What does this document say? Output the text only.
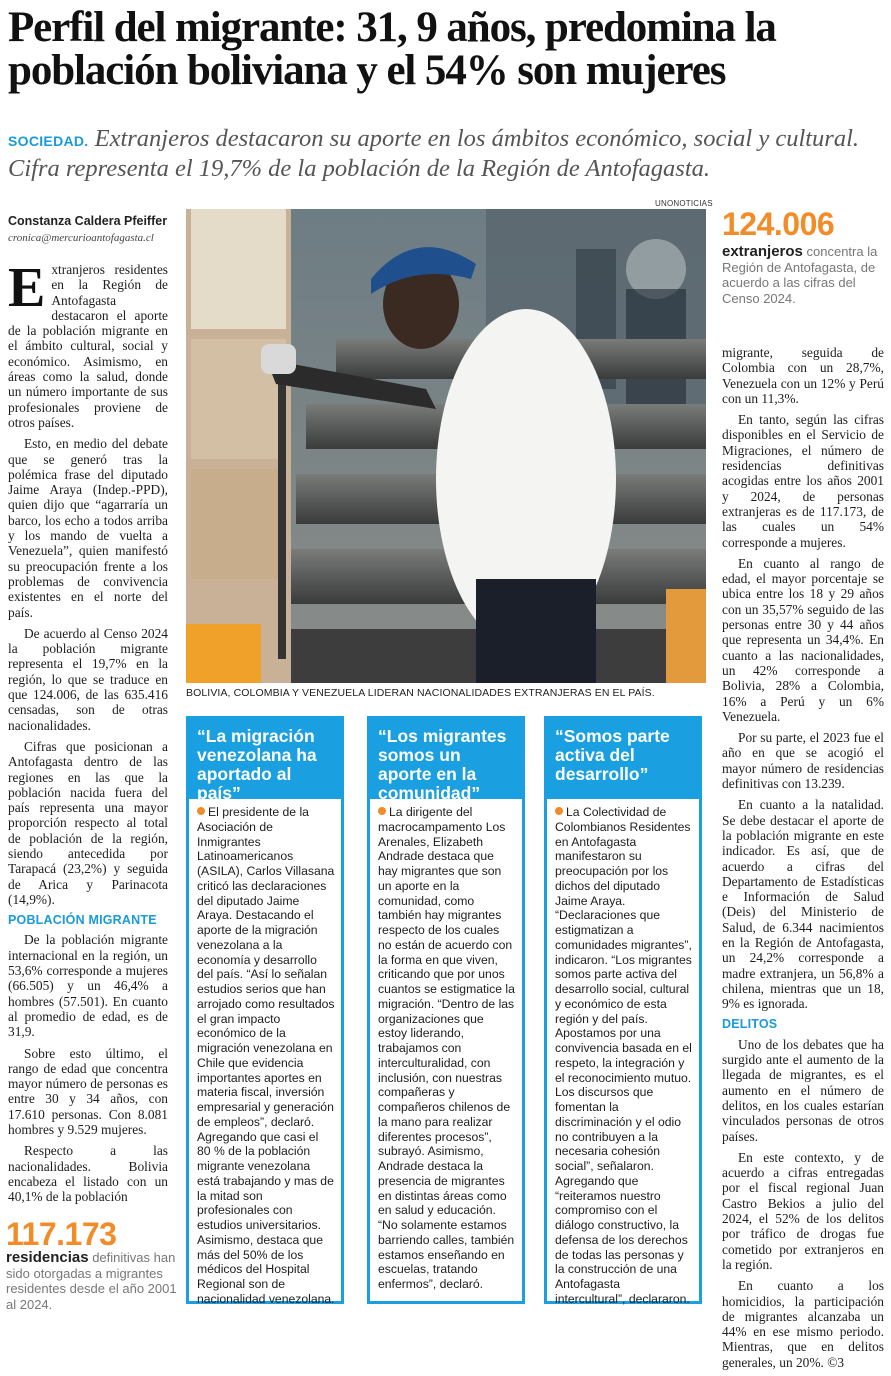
Perfil del migrante: 31, 9 años, predomina la población boliviana y el 54% son mujeres

SOCIEDAD. Extranjeros destacaron su aporte en los ámbitos económico, social y cultural. Cifra representa el 19,7% de la población de la Región de Antofagasta.

Constanza Caldera Pfeiffer
cronica@mercurioantofagasta.cl

Extranjeros residentes en la Región de Antofagasta destacaron el aporte de la población migrante en el ámbito cultural, social y económico. Asimismo, en áreas como la salud, donde un número importante de sus profesionales proviene de otros países.

Esto, en medio del debate que se generó tras la polémica frase del diputado Jaime Araya (Indep.-PPD), quien dijo que “agarraría un barco, los echo a todos arriba y los mando de vuelta a Venezuela”, quien manifestó su preocupación frente a los problemas de convivencia existentes en el norte del país.

De acuerdo al Censo 2024 la población migrante representa el 19,7% en la región, lo que se traduce en que 124.006, de las 635.416 censadas, son de otras nacionalidades.

Cifras que posicionan a Antofagasta dentro de las regiones en las que la población nacida fuera del país representa una mayor proporción respecto al total de población de la región, siendo antecedida por Tarapacá (23,2%) y seguida de Arica y Parinacota (14,9%).

POBLACIÓN MIGRANTE

De la población migrante internacional en la región, un 53,6% corresponde a mujeres (66.505) y un 46,4% a hombres (57.501). En cuanto al promedio de edad, es de 31,9.

Sobre esto último, el rango de edad que concentra mayor número de personas es entre 30 y 34 años, con 17.610 personas. Con 8.081 hombres y 9.529 mujeres.

Respecto a las nacionalidades. Bolivia encabeza el listado con un 40,1% de la población

117.173
residencias definitivas han sido otorgadas a migrantes residentes desde el año 2001 al 2024.
UNONOTICIAS
BOLIVIA, COLOMBIA Y VENEZUELA LIDERAN NACIONALIDADES EXTRANJERAS EN EL PAÍS.
124.006
extranjeros concentra la Región de Antofagasta, de acuerdo a las cifras del Censo 2024.

migrante, seguida de Colombia con un 28,7%, Venezuela con un 12% y Perú con un 11,3%.

En tanto, según las cifras disponibles en el Servicio de Migraciones, el número de residencias definitivas acogidas entre los años 2001 y 2024, de personas extranjeras es de 117.173, de las cuales un 54% corresponde a mujeres.

En cuanto al rango de edad, el mayor porcentaje se ubica entre los 18 y 29 años con un 35,57% seguido de las personas entre 30 y 44 años que representa un 34,4%. En cuanto a las nacionalidades, un 42% corresponde a Bolivia, 28% a Colombia, 16% a Perú y un 6% Venezuela.

Por su parte, el 2023 fue el año en que se acogió el mayor número de residencias definitivas con 13.239.

En cuanto a la natalidad. Se debe destacar el aporte de la población migrante en este indicador. Es así, que de acuerdo a cifras del Departamento de Estadísticas e Información de Salud (Deis) del Ministerio de Salud, de 6.344 nacimientos en la Región de Antofagasta, un 24,2% corresponde a madre extranjera, un 56,8% a chilena, mientras que un 18, 9% es ignorada.

DELITOS

Uno de los debates que ha surgido ante el aumento de la llegada de migrantes, es el aumento en el número de delitos, en los cuales estarían vinculados personas de otros países.

En este contexto, y de acuerdo a cifras entregadas por el fiscal regional Juan Castro Bekios a julio del 2024, el 52% de los delitos por tráfico de drogas fue cometido por extranjeros en la región.

En cuanto a los homicidios, la participación de migrantes alcanzaba un 44% en ese mismo periodo. Mientras, que en delitos generales, un 20%. ©3

“La migración venezolana ha aportado al país”
El presidente de la Asociación de Inmigrantes Latinoamericanos (ASILA), Carlos Villasana criticó las declaraciones del diputado Jaime Araya. Destacando el aporte de la migración venezolana a la economía y desarrollo del país. “Así lo señalan estudios serios que han arrojado como resultados el gran impacto económico de la migración venezolana en Chile que evidencia importantes aportes en materia fiscal, inversión empresarial y generación de empleos”, declaró. Agregando que casi el 80 % de la población migrante venezolana está trabajando y mas de la mitad son profesionales con estudios universitarios. Asimismo, destaca que más del 50% de los médicos del Hospital Regional son de nacionalidad venezolana.
“Los migrantes somos un aporte en la comunidad”
La dirigente del macrocampamento Los Arenales, Elizabeth Andrade destaca que hay migrantes que son un aporte en la comunidad, como también hay migrantes respecto de los cuales no están de acuerdo con la forma en que viven, criticando que por unos cuantos se estigmatice la migración. “Dentro de las organizaciones que estoy liderando, trabajamos con interculturalidad, con inclusión, con nuestras compañeras y compañeros chilenos de la mano para realizar diferentes procesos”, subrayó. Asimismo, Andrade destaca la presencia de migrantes en distintas áreas como en salud y educación. “No solamente estamos barriendo calles, también estamos enseñando en escuelas, tratando enfermos”, declaró.
“Somos parte activa del desarrollo”
La Colectividad de Colombianos Residentes en Antofagasta manifestaron su preocupación por los dichos del diputado Jaime Araya. “Declaraciones que estigmatizan a comunidades migrantes”, indicaron. “Los migrantes somos parte activa del desarrollo social, cultural y económico de esta región y del país. Apostamos por una convivencia basada en el respeto, la integración y el reconocimiento mutuo. Los discursos que fomentan la discriminación y el odio no contribuyen a la necesaria cohesión social”, señalaron. Agregando que “reiteramos nuestro compromiso con el diálogo constructivo, la defensa de los derechos de todas las personas y la construcción de una Antofagasta intercultural”, declararon.
